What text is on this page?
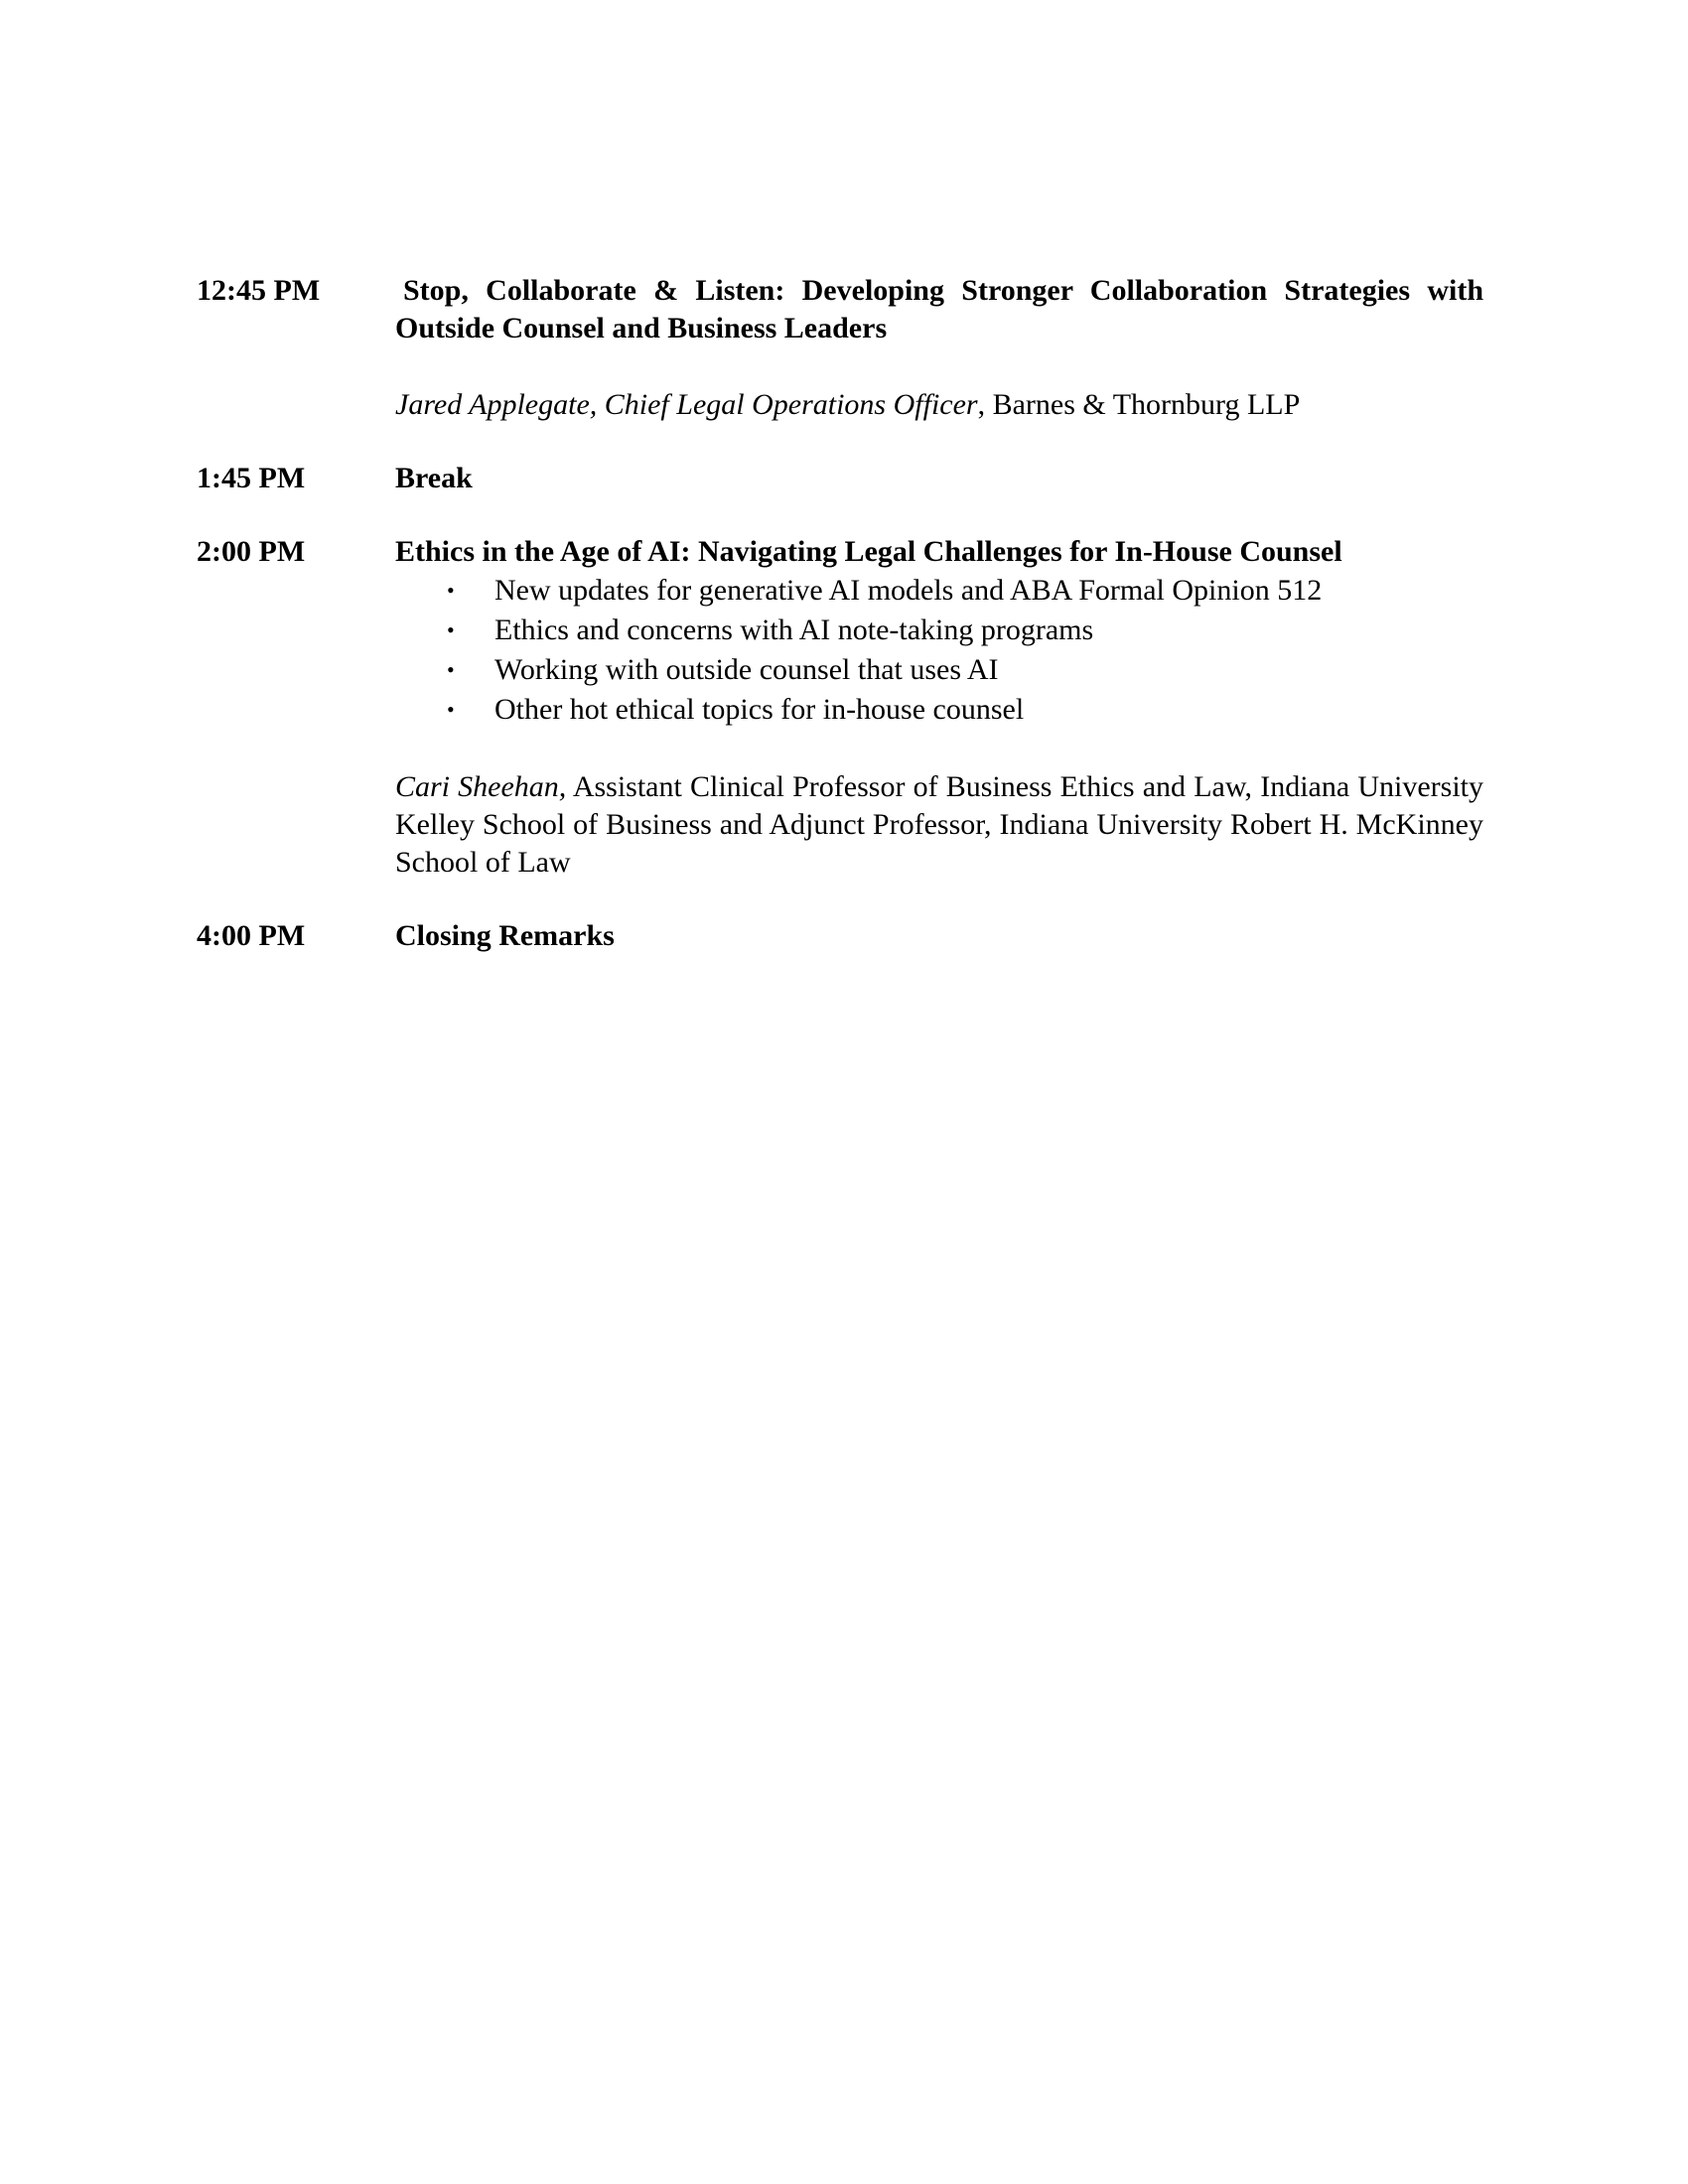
12:45 PM	Stop, Collaborate & Listen: Developing Stronger Collaboration Strategies with Outside Counsel and Business Leaders
Jared Applegate, Chief Legal Operations Officer, Barnes & Thornburg LLP
1:45 PM	Break
2:00 PM	Ethics in the Age of AI: Navigating Legal Challenges for In-House Counsel
• New updates for generative AI models and ABA Formal Opinion 512
• Ethics and concerns with AI note-taking programs
• Working with outside counsel that uses AI
• Other hot ethical topics for in-house counsel
Cari Sheehan, Assistant Clinical Professor of Business Ethics and Law, Indiana University Kelley School of Business and Adjunct Professor, Indiana University Robert H. McKinney School of Law
4:00 PM	Closing Remarks
